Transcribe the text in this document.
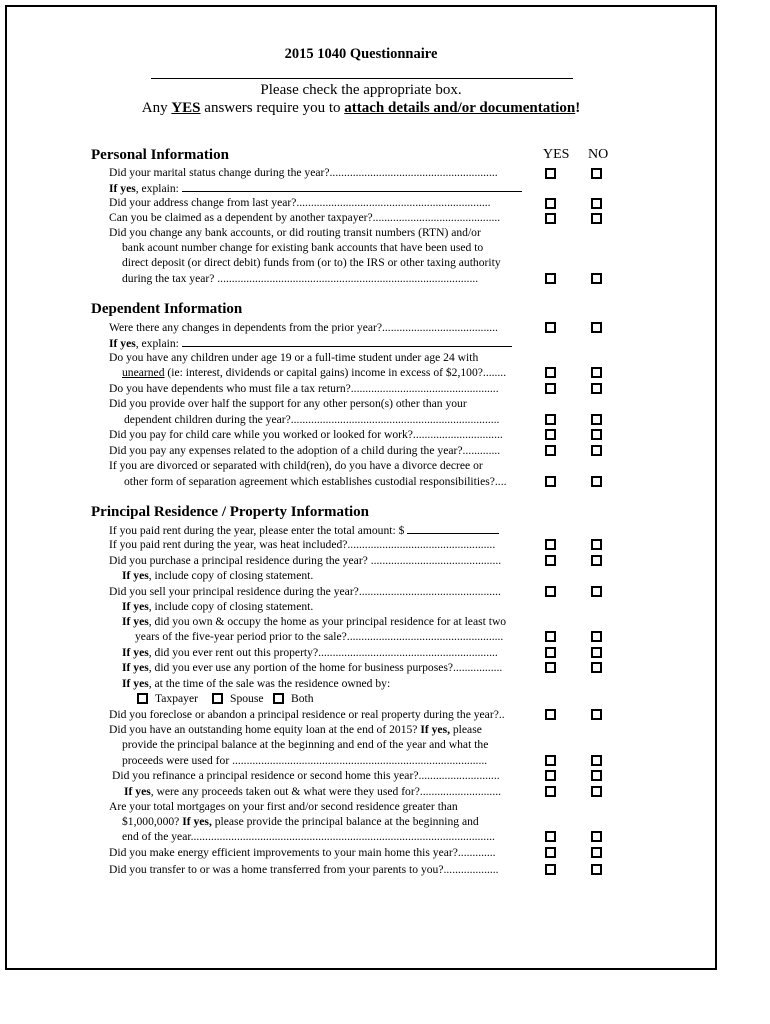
2015 1040 Questionnaire
Please check the appropriate box.
Any YES answers require you to attach details and/or documentation!
Personal Information	YES NO
Did your marital status change during the year?..........................................................
If yes, explain:
Did your address change from last year?...................................................................
Can you be claimed as a dependent by another taxpayer?............................................
Did you change any bank accounts, or did routing transit numbers (RTN) and/or
bank acount number change for existing bank accounts that have been used to
direct deposit (or direct debit) funds from (or to) the IRS or other taxing authority
during the tax year? ..........................................................................................
Dependent Information
Were there any changes in dependents from the prior year?........................................
If yes, explain:
Do you have any children under age 19 or a full-time student under age 24 with
unearned (ie: interest, dividends or capital gains) income in excess of $2,100?........
Do you have dependents who must file a tax return?...................................................
Did you provide over half the support for any other person(s) other than your
dependent children during the year?........................................................................
Did you pay for child care while you worked or looked for work?...............................
Did you pay any expenses related to the adoption of a child during the year?.............
If you are divorced or separated with child(ren), do you have a divorce decree or
other form of separation agreement which establishes custodial responsibilities?....
Principal Residence / Property Information
If you paid rent during the year, please enter the total amount: $
If you paid rent during the year, was heat included?...................................................
Did you purchase a principal residence during the year? .............................................
If yes, include copy of closing statement.
Did you sell your principal residence during the year?.................................................
If yes, include copy of closing statement.
If yes, did you own & occupy the home as your principal residence for at least two
years of the five-year period prior to the sale?......................................................
If yes, did you ever rent out this property?..............................................................
If yes, did you ever use any portion of the home for business purposes?.................
If yes, at the time of the sale was the residence owned by:
Taxpayer	Spouse Both
Did you foreclose or abandon a principal residence or real property during the year?..
Did you have an outstanding home equity loan at the end of 2015? If yes, please
provide the principal balance at the beginning and end of the year and what the
proceeds were used for ........................................................................................
Did you refinance a principal residence or second home this year?............................
If yes, were any proceeds taken out & what were they used for?............................
Are your total mortgages on your first and/or second residence greater than
$1,000,000? If yes, please provide the principal balance at the beginning and
end of the year.........................................................................................................
Did you make energy efficient improvements to your main home this year?.............
Did you transfer to or was a home transferred from your parents to you?...................
